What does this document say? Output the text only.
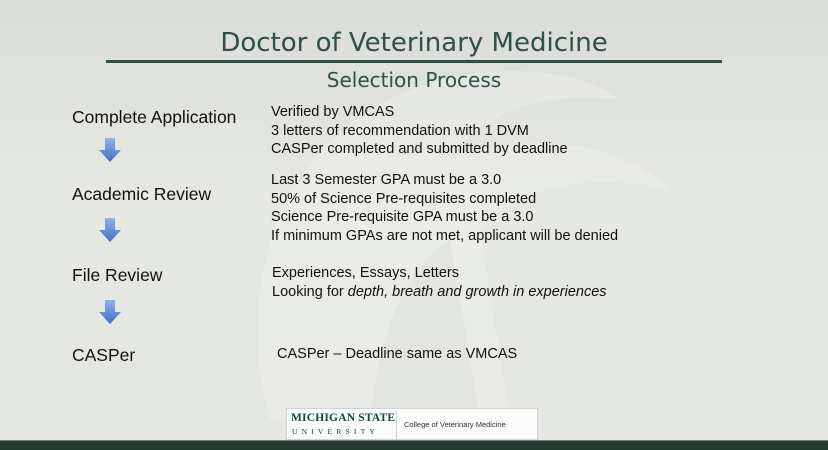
Doctor of Veterinary Medicine
Selection Process
Complete Application Verified by VMCAS
3 letters of recommendation with 1 DVM
CASPer completed and submitted by deadline
Academic Review
Last 3 Semester GPA must be a 3.0
50% of Science Pre-requisites completed
Science Pre-requisite GPA must be a 3.0
If minimum GPAs are not met, applicant will be denied
File Review	Experiences, Essays, Letters
Looking for depth, breath and growth in experiences
CASPer	CASPer – Deadline same as VMCAS
MICHIGAN STATE
UNIVERSITY
College of Veterinary Medicine
